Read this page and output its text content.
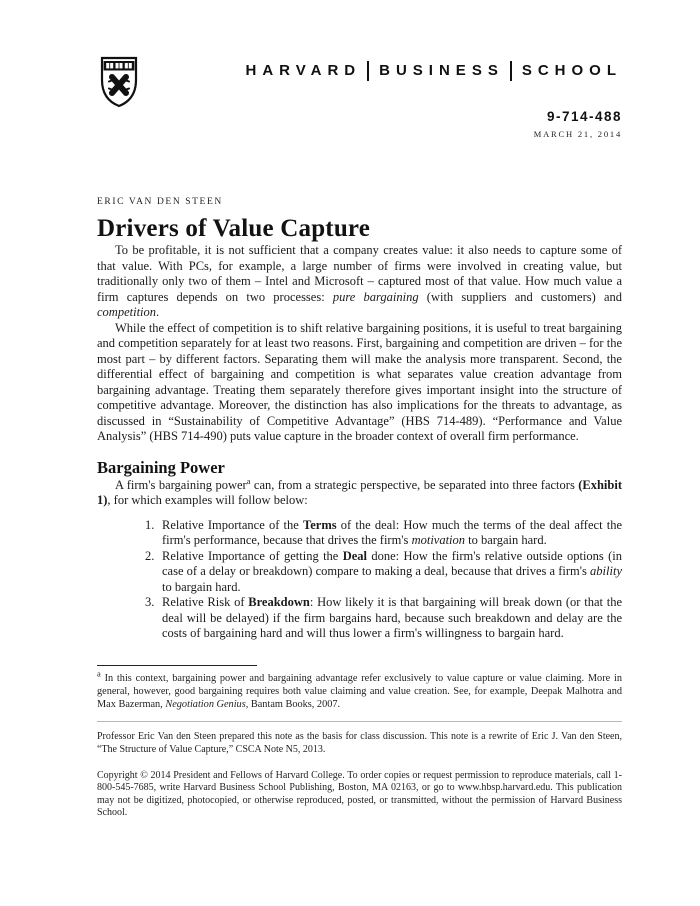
HARVARD BUSINESS SCHOOL
9-714-488
MARCH 21, 2014
ERIC VAN DEN STEEN
Drivers of Value Capture

To be profitable, it is not sufficient that a company creates value: it also needs to capture some of that value. With PCs, for example, a large number of firms were involved in creating value, but traditionally only two of them – Intel and Microsoft – captured most of that value. How much value a firm captures depends on two processes: pure bargaining (with suppliers and customers) and competition.

While the effect of competition is to shift relative bargaining positions, it is useful to treat bargaining and competition separately for at least two reasons. First, bargaining and competition are driven – for the most part – by different factors. Separating them will make the analysis more transparent. Second, the differential effect of bargaining and competition is what separates value creation advantage from bargaining advantage. Treating them separately therefore gives important insight into the structure of competitive advantage. Moreover, the distinction has also implications for the threats to advantage, as discussed in “Sustainability of Competitive Advantage” (HBS 714-489). “Performance and Value Analysis” (HBS 714-490) puts value capture in the broader context of overall firm performance.

Bargaining Power

A firm's bargaining power$^a$ can, from a strategic perspective, be separated into three factors (Exhibit 1), for which examples will follow below:

1. Relative Importance of the Terms of the deal: How much the terms of the deal affect the firm's performance, because that drives the firm's motivation to bargain hard.
2. Relative Importance of getting the Deal done: How the firm's relative outside options (in case of a delay or breakdown) compare to making a deal, because that drives a firm's ability to bargain hard.
3. Relative Risk of Breakdown: How likely it is that bargaining will break down (or that the deal will be delayed) if the firm bargains hard, because such breakdown and delay are the costs of bargaining hard and will thus lower a firm's willingness to bargain hard.

$^a$ In this context, bargaining power and bargaining advantage refer exclusively to value capture or value claiming. More in general, however, good bargaining requires both value claiming and value creation. See, for example, Deepak Malhotra and Max Bazerman, Negotiation Genius, Bantam Books, 2007.

Professor Eric Van den Steen prepared this note as the basis for class discussion. This note is a rewrite of Eric J. Van den Steen, “The Structure of Value Capture,” CSCA Note N5, 2013.

Copyright © 2014 President and Fellows of Harvard College. To order copies or request permission to reproduce materials, call 1-800-545-7685, write Harvard Business School Publishing, Boston, MA 02163, or go to www.hbsp.harvard.edu. This publication may not be digitized, photocopied, or otherwise reproduced, posted, or transmitted, without the permission of Harvard Business School.
